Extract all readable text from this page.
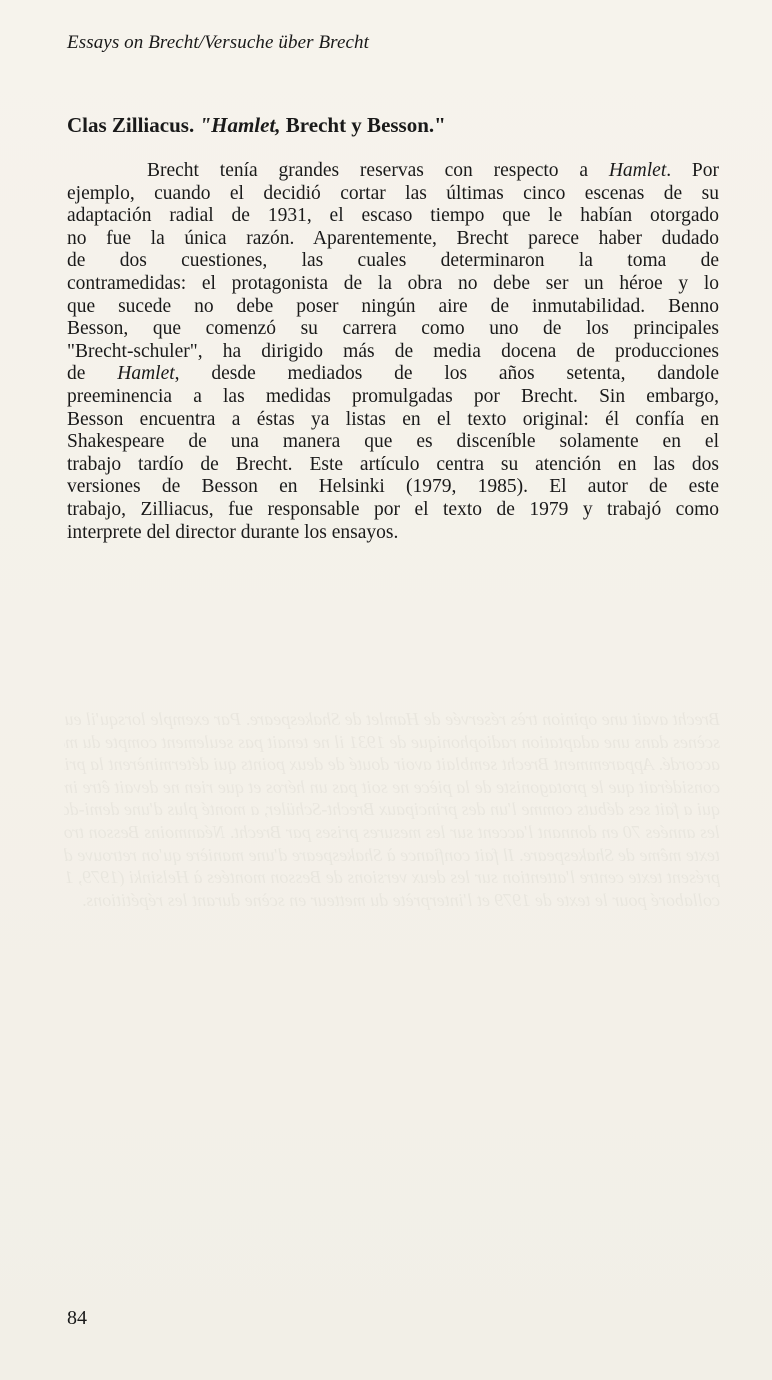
Essays on Brecht/Versuche über Brecht
Clas Zilliacus. "Hamlet, Brecht y Besson."
Brecht tenía grandes reservas con respecto a Hamlet. Por
ejemplo, cuando el decidió cortar las últimas cinco escenas de su
adaptación radial de 1931, el escaso tiempo que le habían otorgado
no fue la única razón. Aparentemente, Brecht parece haber dudado
de dos cuestiones, las cuales determinaron la toma de
contramedidas: el protagonista de la obra no debe ser un héroe y lo
que sucede no debe poser ningún aire de inmutabilidad. Benno
Besson, que comenzó su carrera como uno de los principales
"Brecht-schuler", ha dirigido más de media docena de producciones
de Hamlet, desde mediados de los años setenta, dandole
preeminencia a las medidas promulgadas por Brecht. Sin embargo,
Besson encuentra a éstas ya listas en el texto original: él confía en
Shakespeare de una manera que es disceníble solamente en el
trabajo tardío de Brecht. Este artículo centra su atención en las dos
versiones de Besson en Helsinki (1979, 1985). El autor de este
trabajo, Zilliacus, fue responsable por el texto de 1979 y trabajó como
interprete del director durante los ensayos.
84
